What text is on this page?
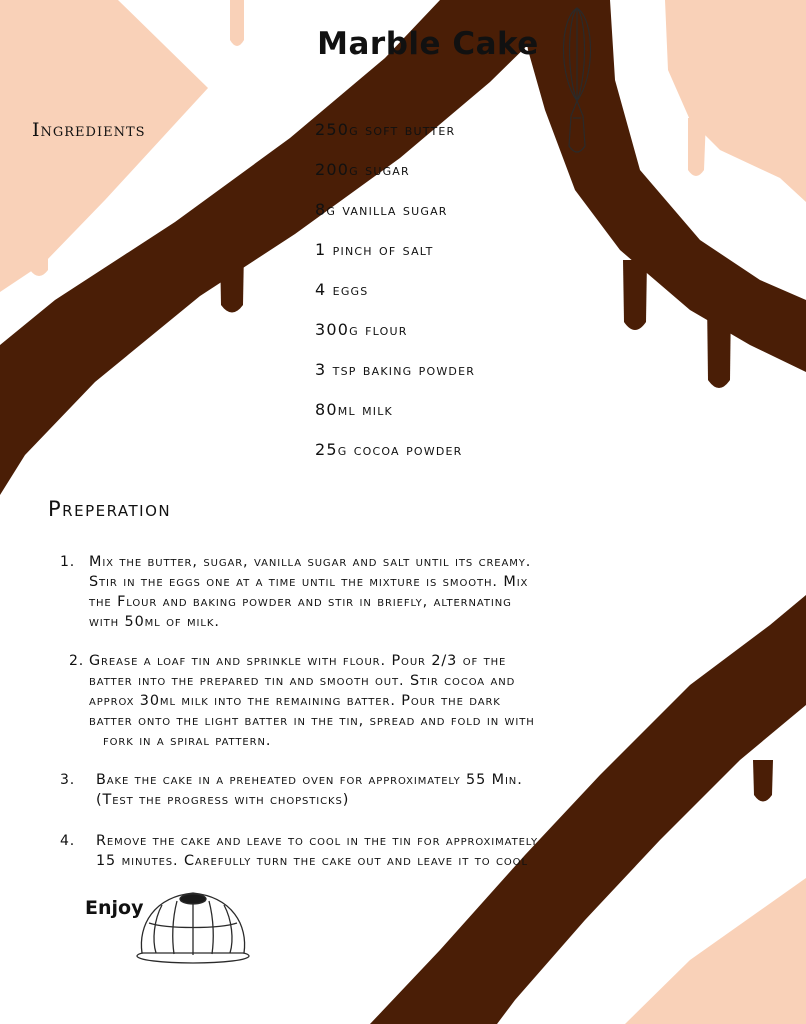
Marble Cake
Ingredients	250g soft butter
200g sugar
8g vanilla sugar
1 pinch of salt
4 eggs
300g flour
3 tsp baking powder
80ml milk
25g cocoa powder
Preperation
1. Mix the butter, sugar, vanilla sugar and salt until its creamy.
Stir in the eggs one at a time until the mixture is smooth. Mix
the Flour and baking powder and stir in briefly, alternating
with 50ml of milk.
2. Grease a loaf tin and sprinkle with flour. Pour 2/3 of the
batter into the prepared tin and smooth out. Stir cocoa and
approx 30ml milk into the remaining batter. Pour the dark
batter onto the light batter in the tin, spread and fold in with
fork in a spiral pattern.
3. Bake the cake in a preheated oven for approximately 55 Min.
(Test the progress with chopsticks)
4. Remove the cake and leave to cool in the tin for approximately
15 minutes. Carefully turn the cake out and leave it to cool
Enjoy
